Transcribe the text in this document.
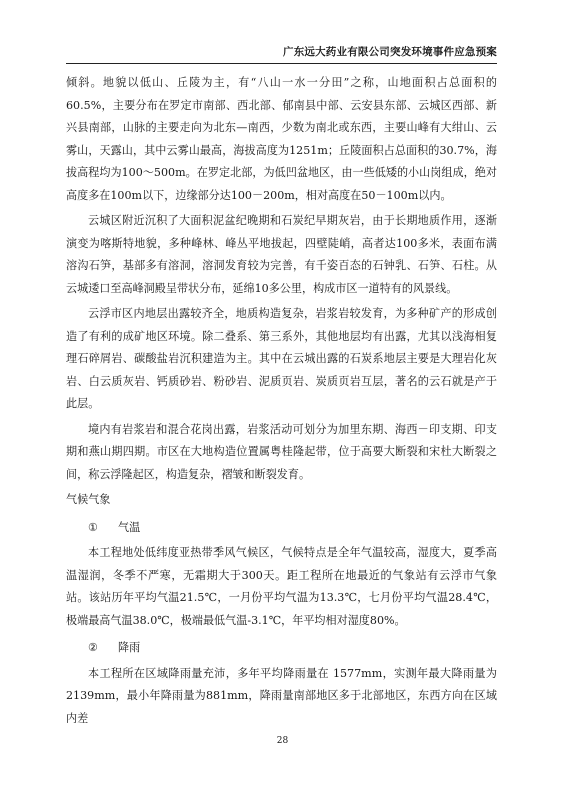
广东远大药业有限公司突发环境事件应急预案

倾斜。地貌以低山、丘陵为主，有“八山一水一分田”之称，山地面积占总面积的60.5%，主要分布在罗定市南部、西北部、郁南县中部、云安县东部、云城区西部、新兴县南部，山脉的主要走向为北东—南西，少数为南北或东西，主要山峰有大绀山、云雾山，天露山，其中云雾山最高，海拔高度为1251m；丘陵面积占总面积的30.7%，海拔高程均为100～500m。在罗定北部，为低凹盆地区，由一些低矮的小山岗组成，绝对高度多在100m以下，边缘部分达100－200m，相对高度在50－100m以内。

云城区附近沉积了大面积泥盆纪晚期和石炭纪早期灰岩，由于长期地质作用，逐渐演变为喀斯特地貌，多种峰林、峰丛平地拔起，四壁陡峭，高者达100多米，表面布满溶沟石笋，基部多有溶洞，溶洞发育较为完善，有千姿百态的石钟乳、石笋、石柱。从云城逶口至高峰洞殿呈带状分布，延绵10多公里，构成市区一道特有的风景线。

云浮市区内地层出露较齐全，地质构造复杂，岩浆岩较发育，为多种矿产的形成创造了有利的成矿地区环境。除二叠系、第三系外，其他地层均有出露，尤其以浅海相复理石碎屑岩、碳酸盐岩沉积建造为主。其中在云城出露的石炭系地层主要是大理岩化灰岩、白云质灰岩、钙质砂岩、粉砂岩、泥质页岩、炭质页岩互层，著名的云石就是产于此层。

境内有岩浆岩和混合花岗出露，岩浆活动可划分为加里东期、海西－印支期、印支期和燕山期四期。市区在大地构造位置属粤桂隆起带，位于高要大断裂和宋杜大断裂之间，称云浮隆起区，构造复杂，褶皱和断裂发育。

气候气象

① 气温

本工程地处低纬度亚热带季风气候区，气候特点是全年气温较高，湿度大，夏季高温湿润，冬季不严寒，无霜期大于300天。距工程所在地最近的气象站有云浮市气象站。该站历年平均气温21.5℃，一月份平均气温为13.3℃，七月份平均气温28.4℃，极端最高气温38.0℃，极端最低气温-3.1℃，年平均相对湿度80%。

② 降雨

本工程所在区域降雨量充沛，多年平均降雨量在 1577mm，实测年最大降雨量为2139mm，最小年降雨量为881mm，降雨量南部地区多于北部地区，东西方向在区域内差

28
